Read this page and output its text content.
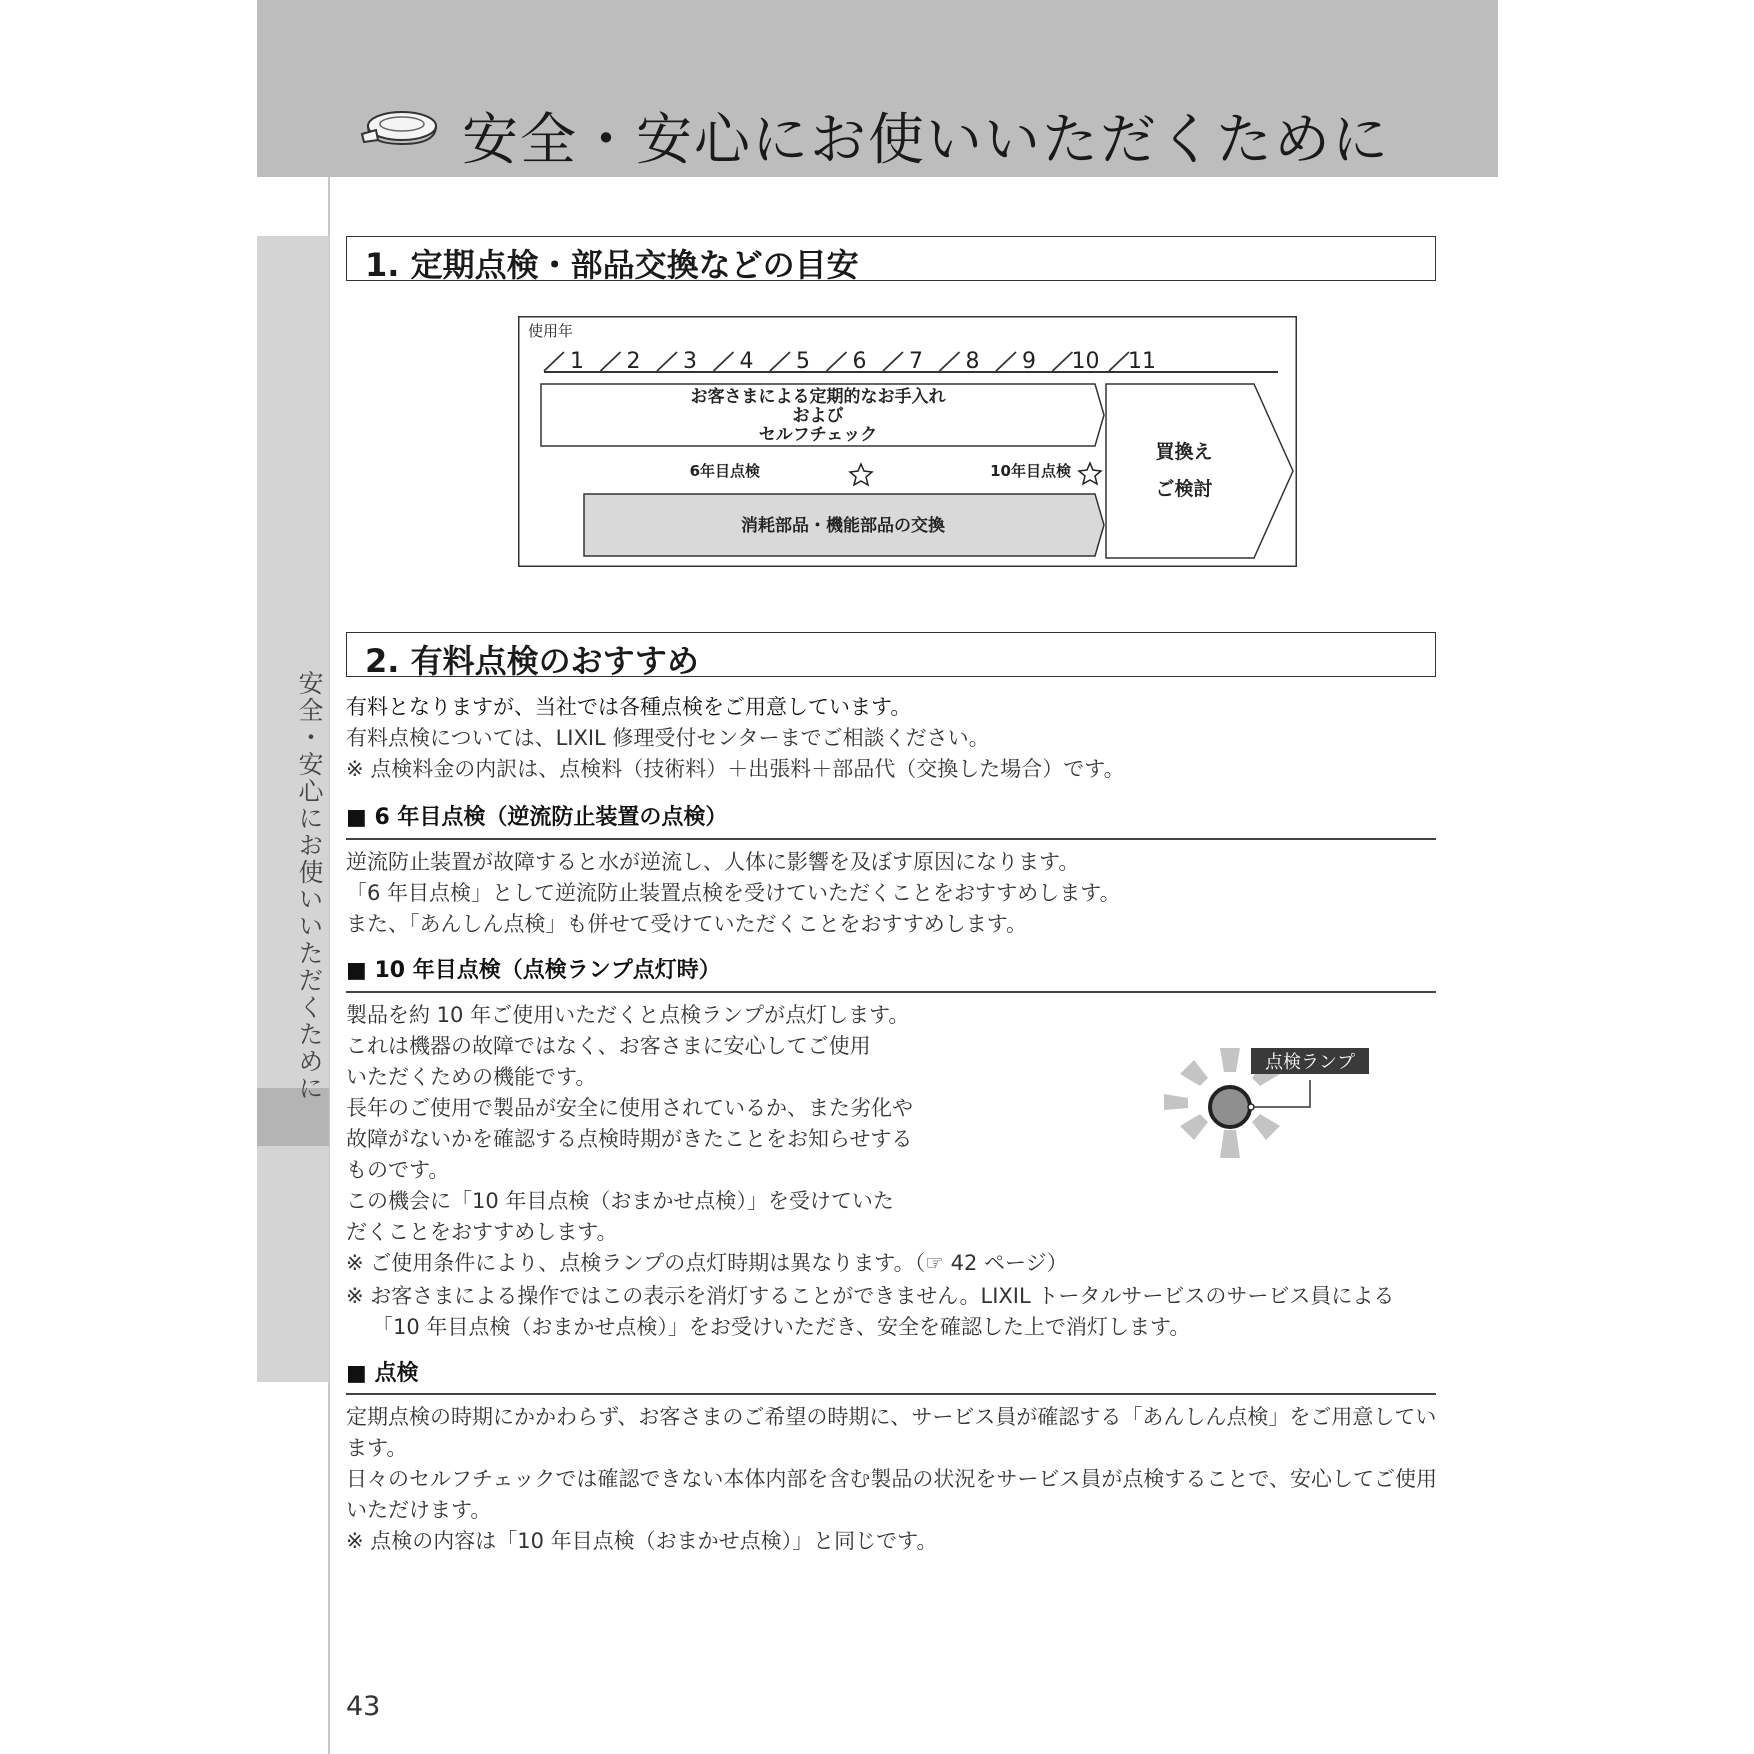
安全・安心にお使いいただくために
安全・安心にお使いいただくために
1. 定期点検・部品交換などの目安
使用年
1 2 3 4 5 6 7 8 9 10 11
お客さまによる定期的なお手入れ
および
セルフチェック
6年目点検	10年目点検
消耗部品・機能部品の交換
買換え
ご検討
2. 有料点検のおすすめ
有料となりますが、当社では各種点検をご用意しています。
有料点検については、LIXIL 修理受付センターまでご相談ください。
※ 点検料金の内訳は、点検料（技術料）＋出張料＋部品代（交換した場合）です。
■ 6 年目点検（逆流防止装置の点検）
逆流防止装置が故障すると水が逆流し、人体に影響を及ぼす原因になります。
「6 年目点検」として逆流防止装置点検を受けていただくことをおすすめします。
また、「あんしん点検」も併せて受けていただくことをおすすめします。
■ 10 年目点検（点検ランプ点灯時）
製品を約 10 年ご使用いただくと点検ランプが点灯します。
これは機器の故障ではなく、お客さまに安心してご使用
いただくための機能です。
長年のご使用で製品が安全に使用されているか、また劣化や
故障がないかを確認する点検時期がきたことをお知らせする
ものです。
この機会に「10 年目点検（おまかせ点検）」を受けていた
だくことをおすすめします。
※ ご使用条件により、点検ランプの点灯時期は異なります。（☞ 42 ページ）
※ お客さまによる操作ではこの表示を消灯することができません。LIXIL トータルサービスのサービス員による
「10 年目点検（おまかせ点検）」をお受けいただき、安全を確認した上で消灯します。
点検ランプ
■ 点検
定期点検の時期にかかわらず、お客さまのご希望の時期に、サービス員が確認する「あんしん点検」をご用意してい
ます。
日々のセルフチェックでは確認できない本体内部を含む製品の状況をサービス員が点検することで、安心してご使用
いただけます。
※ 点検の内容は「10 年目点検（おまかせ点検）」と同じです。
43
